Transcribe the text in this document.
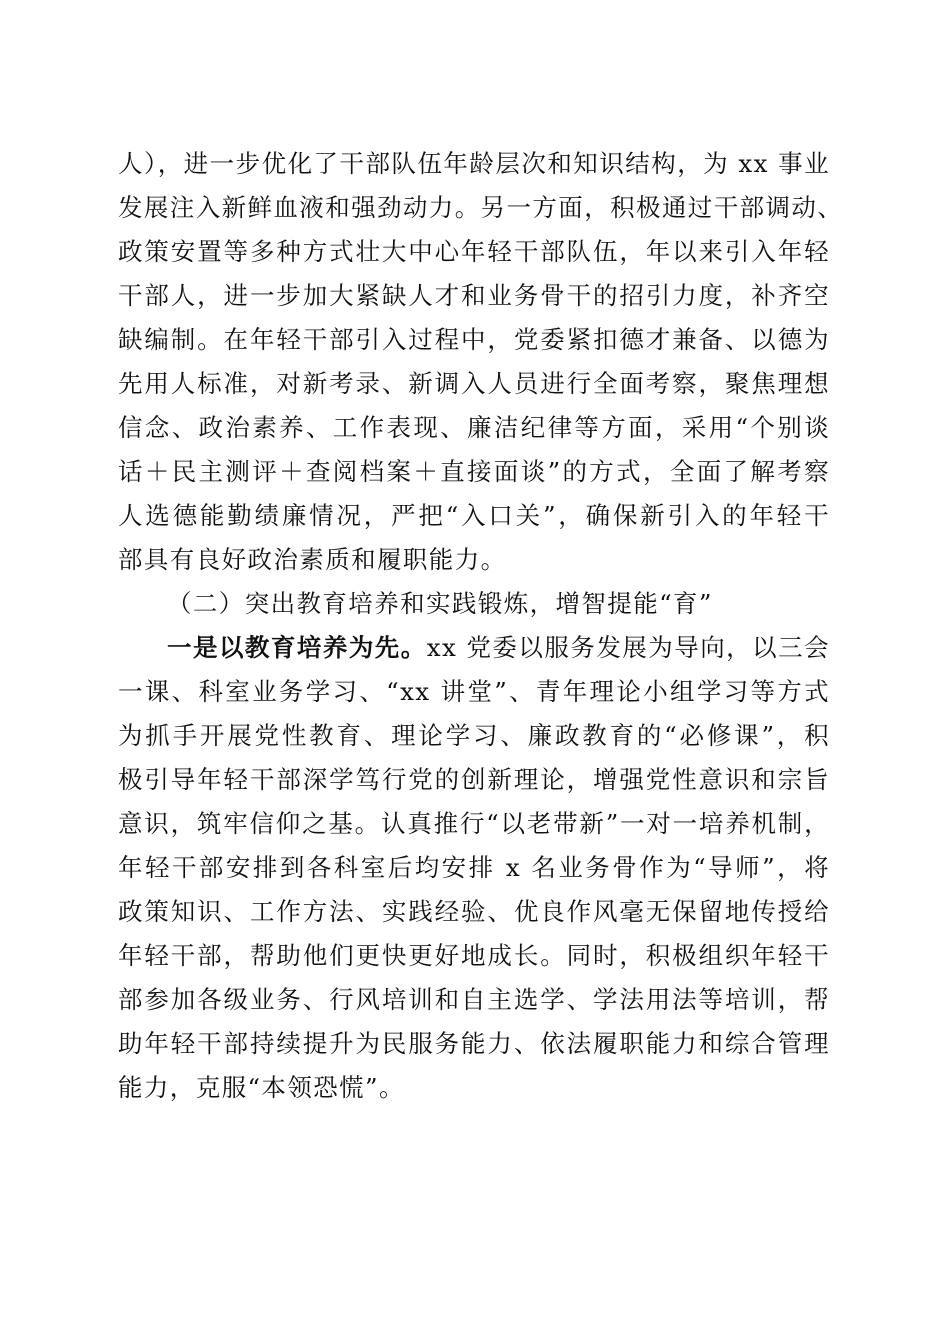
人），进一步优化了干部队伍年龄层次和知识结构，为 xx 事业
发展注入新鲜血液和强劲动力。另一方面，积极通过干部调动、
政策安置等多种方式壮大中心年轻干部队伍，年以来引入年轻
干部人，进一步加大紧缺人才和业务骨干的招引力度，补齐空
缺编制。在年轻干部引入过程中，党委紧扣德才兼备、以德为
先用人标准，对新考录、新调入人员进行全面考察，聚焦理想
信念、政治素养、工作表现、廉洁纪律等方面，采用“个别谈
话＋民主测评＋查阅档案＋直接面谈”的方式，全面了解考察
人选德能勤绩廉情况，严把“入口关”，确保新引入的年轻干
部具有良好政治素质和履职能力。
（二）突出教育培养和实践锻炼，增智提能“育”
一是以教育培养为先。xx 党委以服务发展为导向，以三会
一课、科室业务学习、“xx 讲堂”、青年理论小组学习等方式
为抓手开展党性教育、理论学习、廉政教育的“必修课”，积
极引导年轻干部深学笃行党的创新理论，增强党性意识和宗旨
意识，筑牢信仰之基。认真推行“以老带新”一对一培养机制，
年轻干部安排到各科室后均安排 x 名业务骨作为“导师”，将
政策知识、工作方法、实践经验、优良作风毫无保留地传授给
年轻干部，帮助他们更快更好地成长。同时，积极组织年轻干
部参加各级业务、行风培训和自主选学、学法用法等培训，帮
助年轻干部持续提升为民服务能力、依法履职能力和综合管理
能力，克服“本领恐慌”。
